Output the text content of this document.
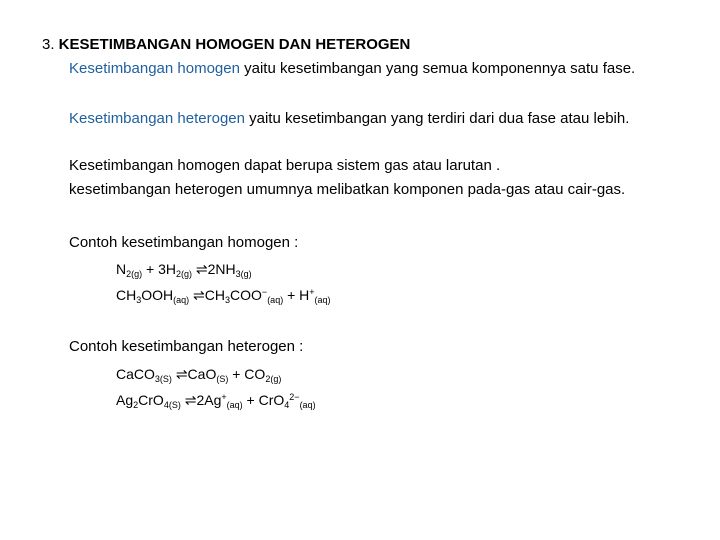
3. KESETIMBANGAN HOMOGEN DAN HETEROGEN
Kesetimbangan homogen yaitu kesetimbangan yang semua komponennya satu fase.
Kesetimbangan heterogen yaitu kesetimbangan yang terdiri dari dua fase atau lebih.
Kesetimbangan homogen dapat berupa sistem gas atau larutan .
kesetimbangan heterogen umumnya melibatkan komponen pada-gas atau cair-gas.
Contoh kesetimbangan homogen :
$N_{2(g)} + 3H_{2(g)}$ $\rightleftharpoons 2NH_{3(g)}$
$CH_3OOH_{(aq)}$ $\rightleftharpoons CH_3COO^-_{(aq)} + H^+_{(aq)}$
Contoh kesetimbangan heterogen :
CaCO$_{3(S)}$ ⇌CaO$_{(S)}$ + $CO_{2(g)}$
$Ag_2CrO_{4(S)}$ $\rightleftharpoons 2Ag^+_{(aq)} + CrO_4^{2-}_{(aq)}$
